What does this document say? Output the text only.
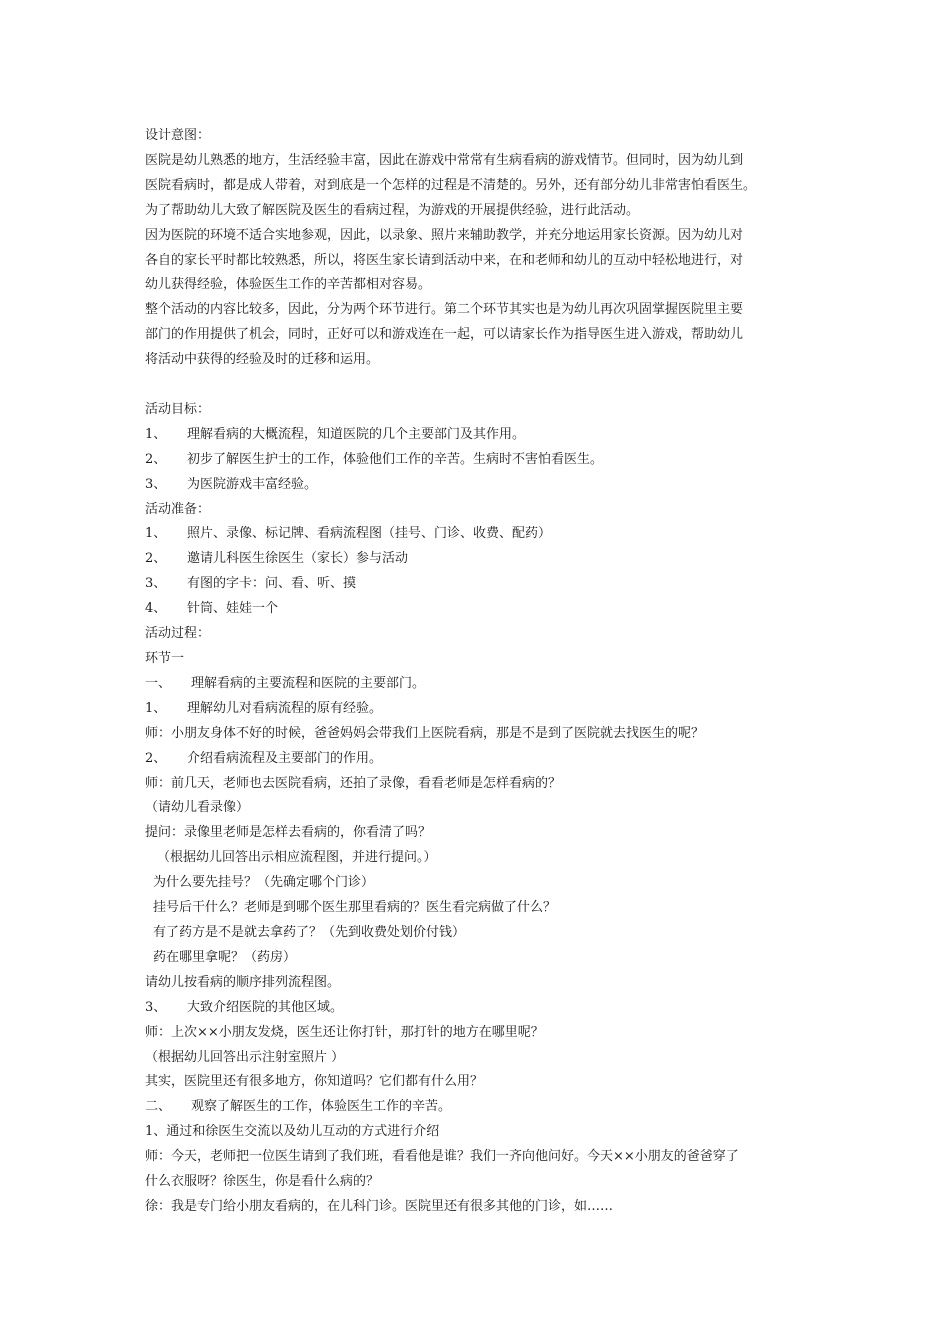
设计意图：

医院是幼儿熟悉的地方，生活经验丰富，因此在游戏中常常有生病看病的游戏情节。但同时，因为幼儿到

医院看病时，都是成人带着，对到底是一个怎样的过程是不清楚的。另外，还有部分幼儿非常害怕看医生。

为了帮助幼儿大致了解医院及医生的看病过程，为游戏的开展提供经验，进行此活动。

因为医院的环境不适合实地参观，因此，以录象、照片来辅助教学，并充分地运用家长资源。因为幼儿对

各自的家长平时都比较熟悉，所以，将医生家长请到活动中来，在和老师和幼儿的互动中轻松地进行，对

幼儿获得经验，体验医生工作的辛苦都相对容易。

整个活动的内容比较多，因此，分为两个环节进行。第二个环节其实也是为幼儿再次巩固掌握医院里主要

部门的作用提供了机会，同时，正好可以和游戏连在一起，可以请家长作为指导医生进入游戏，帮助幼儿

将活动中获得的经验及时的迁移和运用。

活动目标：

1、 理解看病的大概流程，知道医院的几个主要部门及其作用。

2、 初步了解医生护士的工作，体验他们工作的辛苦。生病时不害怕看医生。

3、 为医院游戏丰富经验。

活动准备：

1、 照片、录像、标记牌、看病流程图（挂号、门诊、收费、配药）

2、 邀请儿科医生徐医生（家长）参与活动

3、 有图的字卡：问、看、听、摸

4、 针筒、娃娃一个

活动过程：

环节一

一、 理解看病的主要流程和医院的主要部门。

1、 理解幼儿对看病流程的原有经验。

师：小朋友身体不好的时候，爸爸妈妈会带我们上医院看病，那是不是到了医院就去找医生的呢？

2、 介绍看病流程及主要部门的作用。

师：前几天，老师也去医院看病，还拍了录像，看看老师是怎样看病的？

（请幼儿看录像）

提问：录像里老师是怎样去看病的，你看清了吗？

（根据幼儿回答出示相应流程图，并进行提问。）

为什么要先挂号？（先确定哪个门诊）

挂号后干什么？老师是到哪个医生那里看病的？医生看完病做了什么？

有了药方是不是就去拿药了？（先到收费处划价付钱）

药在哪里拿呢？（药房）

请幼儿按看病的顺序排列流程图。

3、 大致介绍医院的其他区域。

师：上次××小朋友发烧，医生还让你打针，那打针的地方在哪里呢？

（根据幼儿回答出示注射室照片 ）

其实，医院里还有很多地方，你知道吗？它们都有什么用？

二、 观察了解医生的工作，体验医生工作的辛苦。

1、通过和徐医生交流以及幼儿互动的方式进行介绍

师：今天，老师把一位医生请到了我们班，看看他是谁？我们一齐向他问好。今天××小朋友的爸爸穿了

什么衣服呀？徐医生，你是看什么病的？

徐：我是专门给小朋友看病的，在儿科门诊。医院里还有很多其他的门诊，如……
